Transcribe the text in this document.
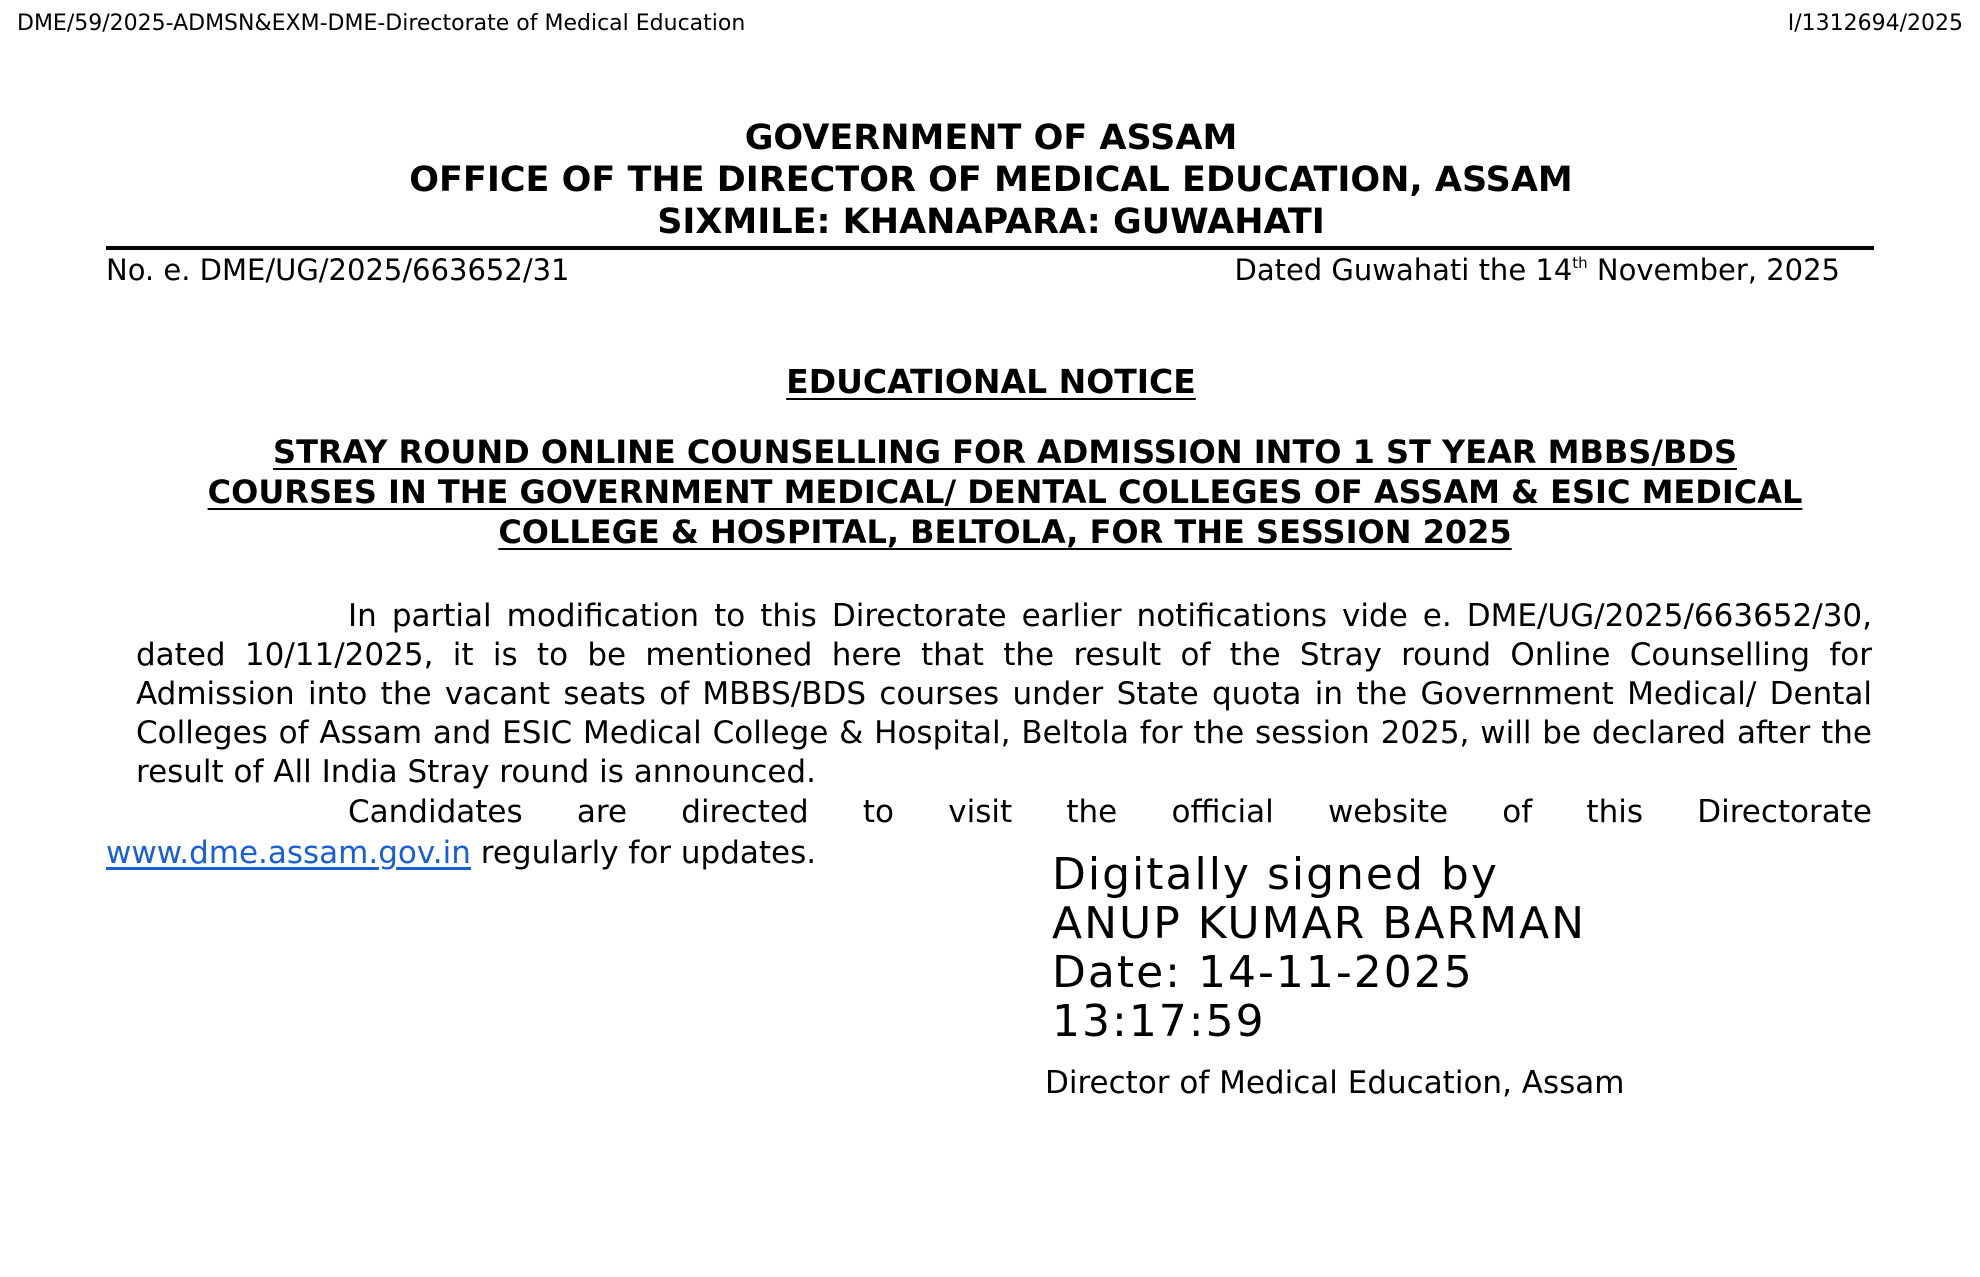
DME/59/2025-ADMSN&EXM-DME-Directorate of Medical Education	I/1312694/2025
GOVERNMENT OF ASSAM
OFFICE OF THE DIRECTOR OF MEDICAL EDUCATION, ASSAM
SIXMILE: KHANAPARA: GUWAHATI
No. e. DME/UG/2025/663652/31	Dated Guwahati the 14th November, 2025
EDUCATIONAL NOTICE
STRAY ROUND ONLINE COUNSELLING FOR ADMISSION INTO 1 ST YEAR MBBS/BDS
COURSES IN THE GOVERNMENT MEDICAL/ DENTAL COLLEGES OF ASSAM & ESIC MEDICAL
COLLEGE & HOSPITAL, BELTOLA, FOR THE SESSION 2025
In partial modification to this Directorate earlier notifications vide e. DME/UG/2025/663652/30, dated 10/11/2025, it is to be mentioned here that the result of the Stray round Online Counselling for Admission into the vacant seats of MBBS/BDS courses under State quota in the Government Medical/ Dental Colleges of Assam and ESIC Medical College & Hospital, Beltola for the session 2025, will be declared after the result of All India Stray round is announced.
Candidates are directed to visit the official website of this Directorate
www.dme.assam.gov.in regularly for updates.	Digitally signed by
ANUP KUMAR BARMAN
Date: 14-11-2025
13:17:59
Director of Medical Education, Assam
